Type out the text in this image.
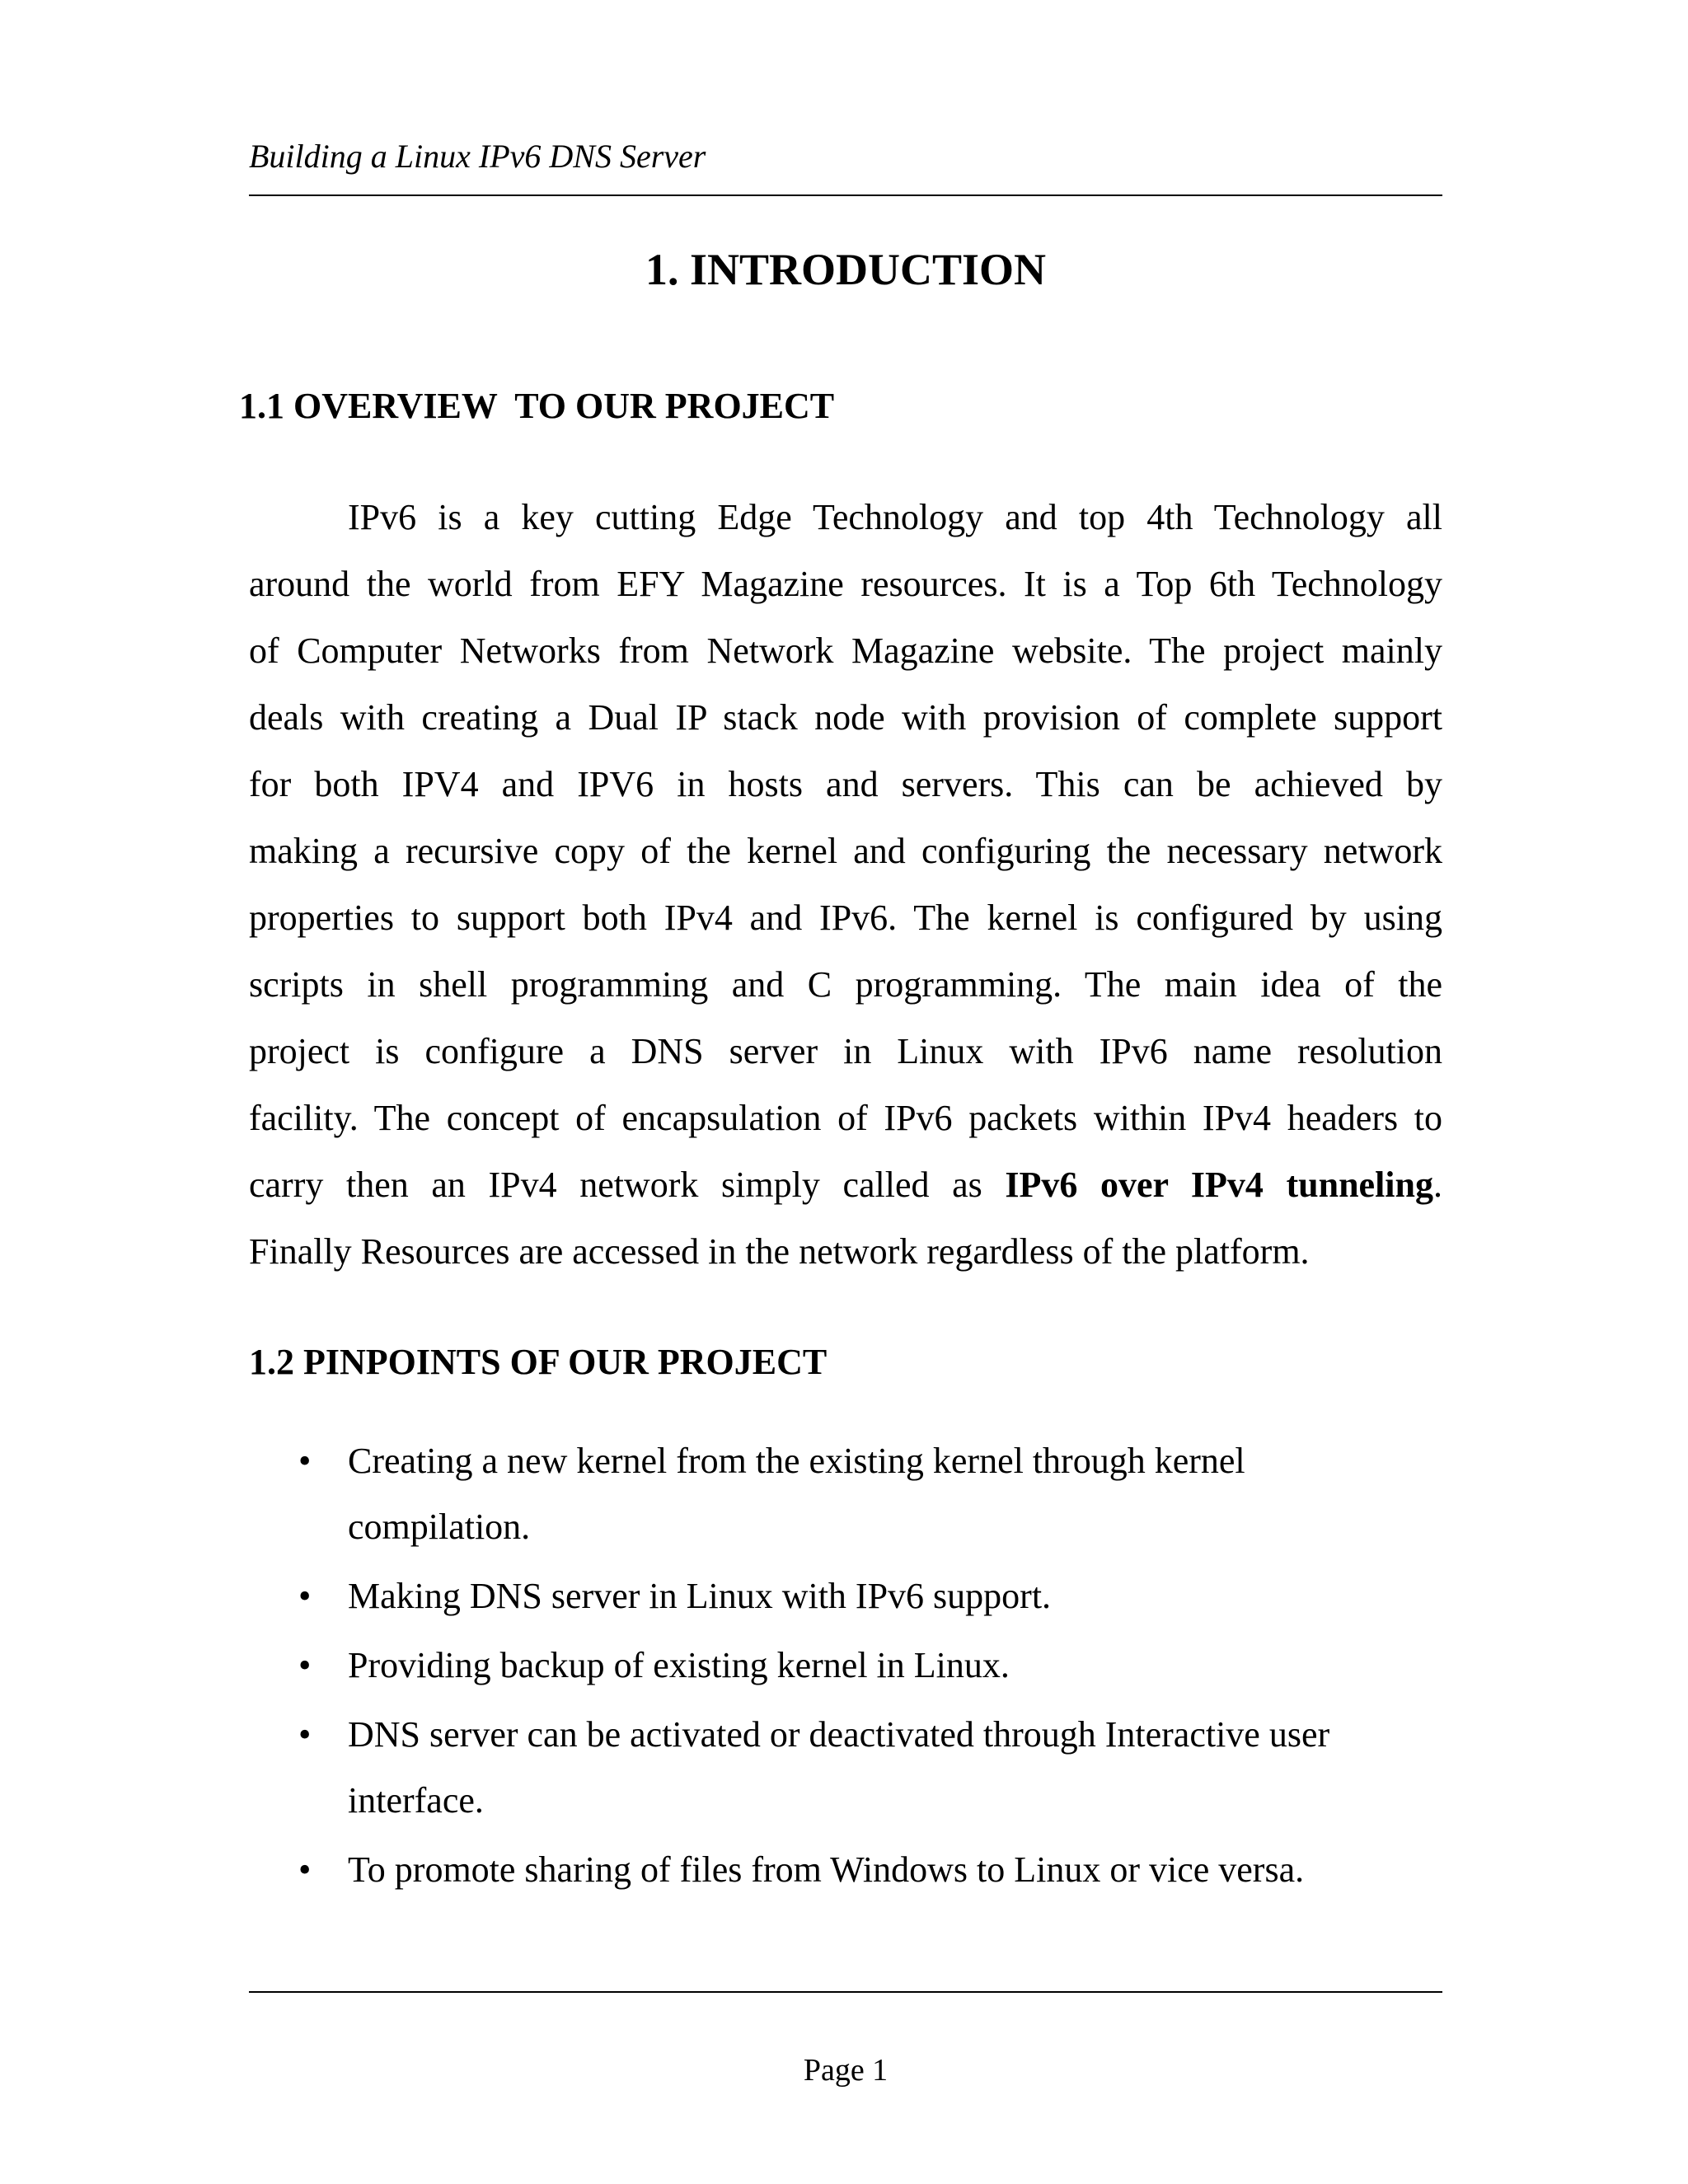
Building a Linux IPv6 DNS Server
1. INTRODUCTION
1.1 OVERVIEW  TO OUR PROJECT
IPv6 is a key cutting Edge Technology and top 4th Technology all
around the world from EFY Magazine resources. It is a Top 6th Technology
of Computer Networks from Network Magazine website. The project mainly
deals with creating a Dual IP stack node with provision of complete support
for both IPV4 and IPV6 in hosts and servers. This can be achieved by
making a recursive copy of the kernel and configuring the necessary network
properties to support both IPv4 and IPv6. The kernel is configured by using
scripts in shell programming and C programming. The main idea of the
project is configure a DNS server in Linux with IPv6 name resolution
facility. The concept of encapsulation of IPv6 packets within IPv4 headers to
carry then an IPv4 network simply called as IPv6 over IPv4 tunneling.
Finally Resources are accessed in the network regardless of the platform.
1.2 PINPOINTS OF OUR PROJECT
• Creating a new kernel from the existing kernel through kernel
compilation.
• Making DNS server in Linux with IPv6 support.
• Providing backup of existing kernel in Linux.
• DNS server can be activated or deactivated through Interactive user
interface.
• To promote sharing of files from Windows to Linux or vice versa.
Page 1
